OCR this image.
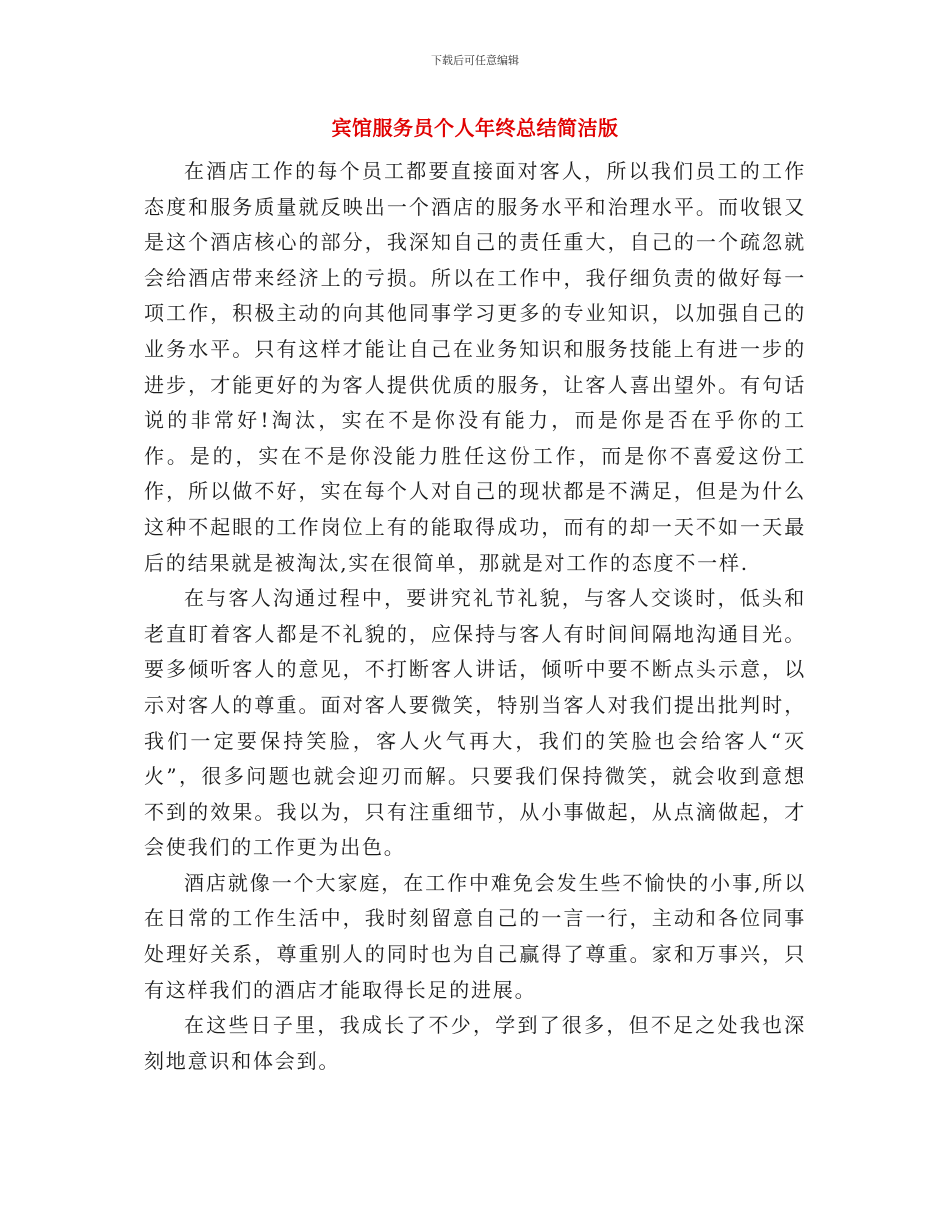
下载后可任意编辑
宾馆服务员个人年终总结简洁版

在酒店工作的每个员工都要直接面对客人，所以我们员工的工作态度和服务质量就反映出一个酒店的服务水平和治理水平。而收银又是这个酒店核心的部分，我深知自己的责任重大，自己的一个疏忽就会给酒店带来经济上的亏损。所以在工作中，我仔细负责的做好每一项工作，积极主动的向其他同事学习更多的专业知识，以加强自己的业务水平。只有这样才能让自己在业务知识和服务技能上有进一步的进步，才能更好的为客人提供优质的服务，让客人喜出望外。有句话说的非常好!淘汰，实在不是你没有能力，而是你是否在乎你的工作。是的，实在不是你没能力胜任这份工作，而是你不喜爱这份工作，所以做不好，实在每个人对自己的现状都是不满足，但是为什么这种不起眼的工作岗位上有的能取得成功，而有的却一天不如一天最后的结果就是被淘汰,实在很简单，那就是对工作的态度不一样.

在与客人沟通过程中，要讲究礼节礼貌，与客人交谈时，低头和老直盯着客人都是不礼貌的，应保持与客人有时间间隔地沟通目光。要多倾听客人的意见，不打断客人讲话，倾听中要不断点头示意，以示对客人的尊重。面对客人要微笑，特别当客人对我们提出批判时，我们一定要保持笑脸，客人火气再大，我们的笑脸也会给客人“灭火”，很多问题也就会迎刃而解。只要我们保持微笑，就会收到意想不到的效果。我以为，只有注重细节，从小事做起，从点滴做起，才会使我们的工作更为出色。

酒店就像一个大家庭，在工作中难免会发生些不愉快的小事,所以在日常的工作生活中，我时刻留意自己的一言一行，主动和各位同事处理好关系，尊重别人的同时也为自己赢得了尊重。家和万事兴，只有这样我们的酒店才能取得长足的进展。

在这些日子里，我成长了不少，学到了很多，但不足之处我也深刻地意识和体会到。
